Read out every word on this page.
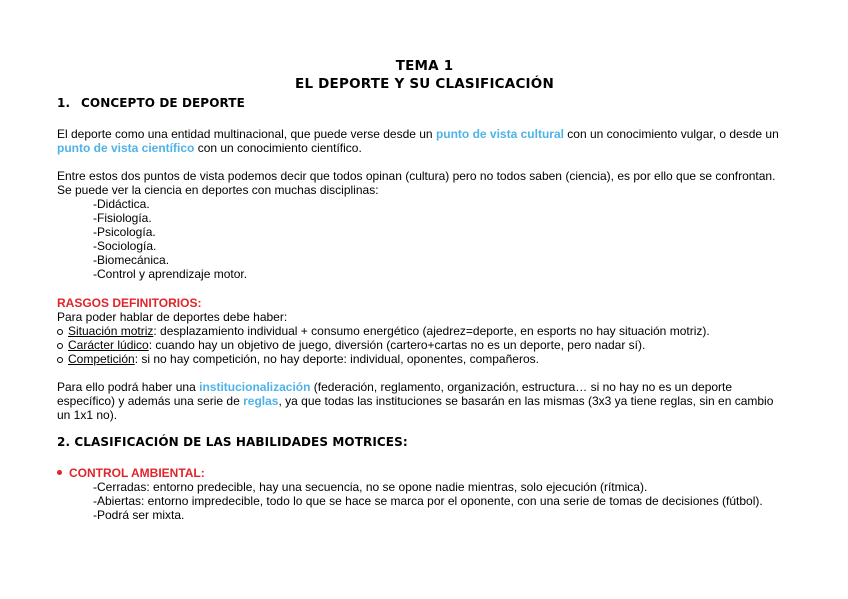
TEMA 1
EL DEPORTE Y SU CLASIFICACIÓN
1. CONCEPTO DE DEPORTE
El deporte como una entidad multinacional, que puede verse desde un punto de vista cultural con un conocimiento vulgar, o desde un
punto de vista científico con un conocimiento científico.
Entre estos dos puntos de vista podemos decir que todos opinan (cultura) pero no todos saben (ciencia), es por ello que se confrontan.
Se puede ver la ciencia en deportes con muchas disciplinas:
-Didáctica.
-Fisiología.
-Psicología.
-Sociología.
-Biomecánica.
-Control y aprendizaje motor.
RASGOS DEFINITORIOS:
Para poder hablar de deportes debe haber:
Situación motriz: desplazamiento individual + consumo energético (ajedrez=deporte, en esports no hay situación motriz).
Carácter lúdico: cuando hay un objetivo de juego, diversión (cartero+cartas no es un deporte, pero nadar sí).
Competición: si no hay competición, no hay deporte: individual, oponentes, compañeros.
Para ello podrá haber una institucionalización (federación, reglamento, organización, estructura… si no hay no es un deporte
específico) y además una serie de reglas, ya que todas las instituciones se basarán en las mismas (3x3 ya tiene reglas, sin en cambio
un 1x1 no).
2. CLASIFICACIÓN DE LAS HABILIDADES MOTRICES:
CONTROL AMBIENTAL:
-Cerradas: entorno predecible, hay una secuencia, no se opone nadie mientras, solo ejecución (rítmica).
-Abiertas: entorno impredecible, todo lo que se hace se marca por el oponente, con una serie de tomas de decisiones (fútbol).
-Podrá ser mixta.
